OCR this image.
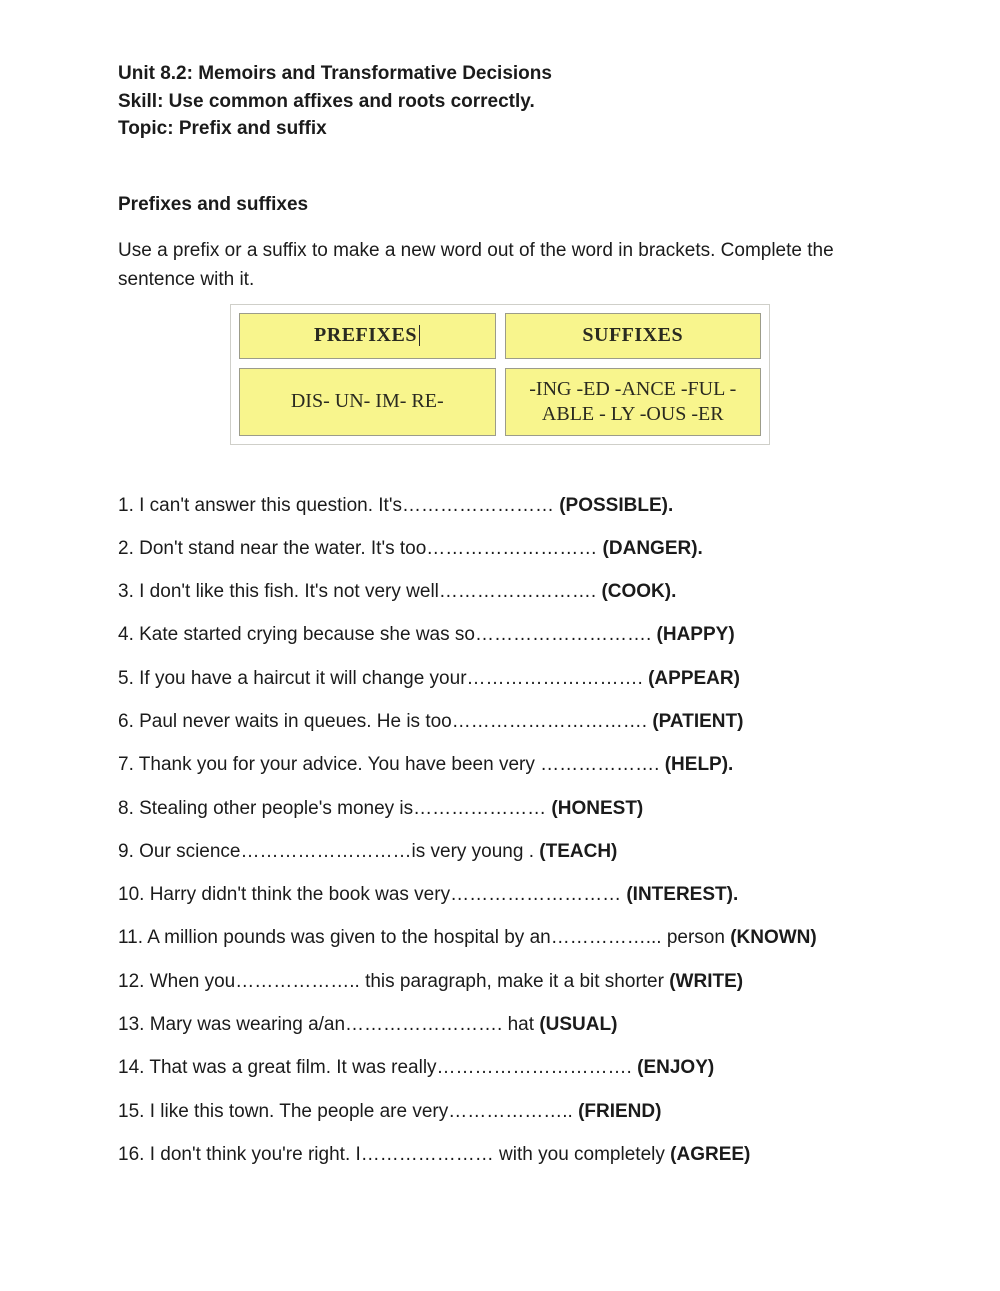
Unit 8.2: Memoirs and Transformative Decisions
Skill: Use common affixes and roots correctly.
Topic: Prefix and suffix
Prefixes and suffixes

Use a prefix or a suffix to make a new word out of the word in brackets. Complete the sentence with it.

PREFIXES	SUFFIXES
DIS- UN- IM- RE-
-ING -ED -ANCE -FUL - ABLE - LY -OUS -ER
1. I can't answer this question. It's…………………… (POSSIBLE).
2. Don't stand near the water. It's too……………………… (DANGER).
3. I don't like this fish. It's not very well……………………. (COOK).
4. Kate started crying because she was so………………………. (HAPPY)
5. If you have a haircut it will change your………………………. (APPEAR)
6. Paul never waits in queues. He is too…………………………. (PATIENT)
7. Thank you for your advice. You have been very ………………. (HELP).
8. Stealing other people's money is………………… (HONEST)
9. Our science………………………is very young . (TEACH)
10. Harry didn't think the book was very……………………… (INTEREST).
11. A million pounds was given to the hospital by an……………... person (KNOWN)
12. When you……………….. this paragraph, make it a bit shorter (WRITE)
13. Mary was wearing a/an……………………. hat (USUAL)
14. That was a great film. It was really…………………………. (ENJOY)
15. I like this town. The people are very……………….. (FRIEND)
16. I don't think you're right. I………………… with you completely (AGREE)
